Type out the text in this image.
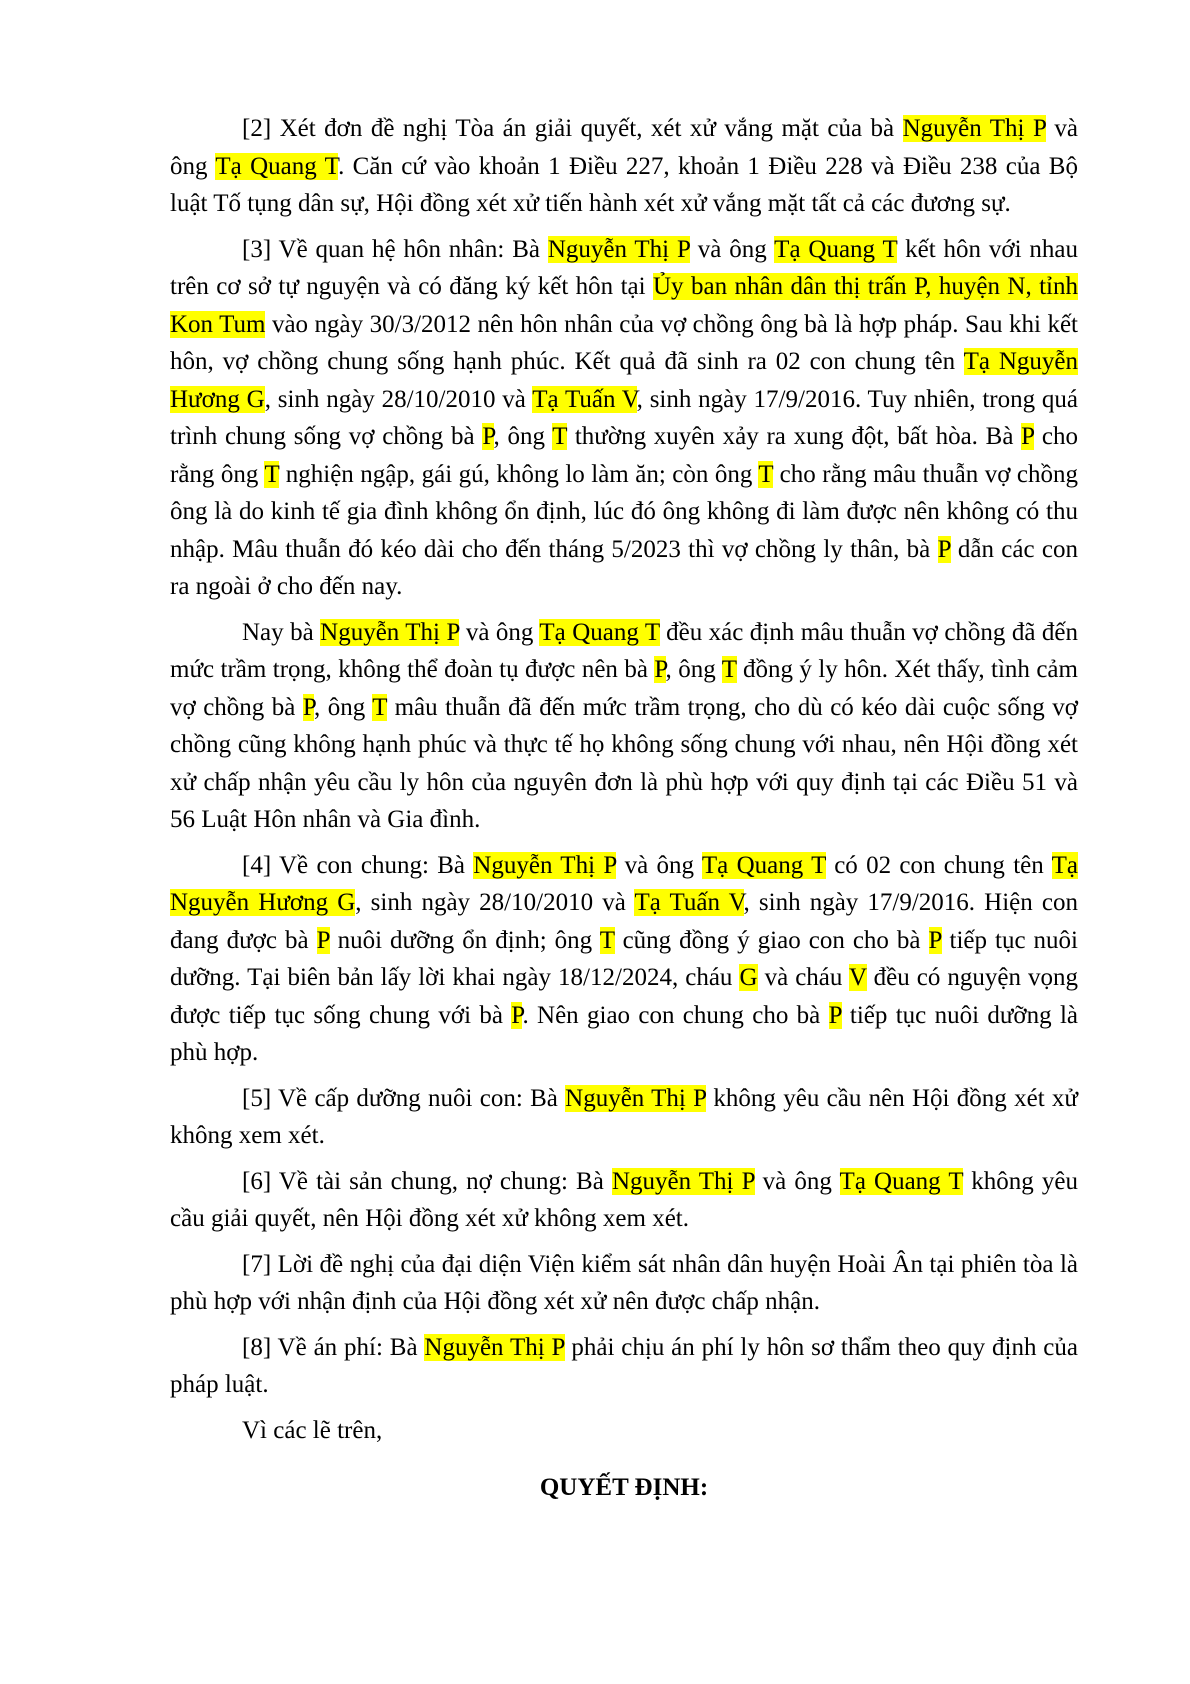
[2] Xét đơn đề nghị Tòa án giải quyết, xét xử vắng mặt của bà Nguyễn Thị P và ông Tạ Quang T. Căn cứ vào khoản 1 Điều 227, khoản 1 Điều 228 và Điều 238 của Bộ luật Tố tụng dân sự, Hội đồng xét xử tiến hành xét xử vắng mặt tất cả các đương sự.

[3] Về quan hệ hôn nhân: Bà Nguyễn Thị P và ông Tạ Quang T kết hôn với nhau trên cơ sở tự nguyện và có đăng ký kết hôn tại Ủy ban nhân dân thị trấn P, huyện N, tỉnh Kon Tum vào ngày 30/3/2012 nên hôn nhân của vợ chồng ông bà là hợp pháp. Sau khi kết hôn, vợ chồng chung sống hạnh phúc. Kết quả đã sinh ra 02 con chung tên Tạ Nguyễn Hương G, sinh ngày 28/10/2010 và Tạ Tuấn V, sinh ngày 17/9/2016. Tuy nhiên, trong quá trình chung sống vợ chồng bà P, ông T thường xuyên xảy ra xung đột, bất hòa. Bà P cho rằng ông T nghiện ngập, gái gú, không lo làm ăn; còn ông T cho rằng mâu thuẫn vợ chồng ông là do kinh tế gia đình không ổn định, lúc đó ông không đi làm được nên không có thu nhập. Mâu thuẫn đó kéo dài cho đến tháng 5/2023 thì vợ chồng ly thân, bà P dẫn các con ra ngoài ở cho đến nay.

Nay bà Nguyễn Thị P và ông Tạ Quang T đều xác định mâu thuẫn vợ chồng đã đến mức trầm trọng, không thể đoàn tụ được nên bà P, ông T đồng ý ly hôn. Xét thấy, tình cảm vợ chồng bà P, ông T mâu thuẫn đã đến mức trầm trọng, cho dù có kéo dài cuộc sống vợ chồng cũng không hạnh phúc và thực tế họ không sống chung với nhau, nên Hội đồng xét xử chấp nhận yêu cầu ly hôn của nguyên đơn là phù hợp với quy định tại các Điều 51 và 56 Luật Hôn nhân và Gia đình.

[4] Về con chung: Bà Nguyễn Thị P và ông Tạ Quang T có 02 con chung tên Tạ Nguyễn Hương G, sinh ngày 28/10/2010 và Tạ Tuấn V, sinh ngày 17/9/2016. Hiện con đang được bà P nuôi dưỡng ổn định; ông T cũng đồng ý giao con cho bà P tiếp tục nuôi dưỡng. Tại biên bản lấy lời khai ngày 18/12/2024, cháu G và cháu V đều có nguyện vọng được tiếp tục sống chung với bà P. Nên giao con chung cho bà P tiếp tục nuôi dưỡng là phù hợp.

[5] Về cấp dưỡng nuôi con: Bà Nguyễn Thị P không yêu cầu nên Hội đồng xét xử không xem xét.

[6] Về tài sản chung, nợ chung: Bà Nguyễn Thị P và ông Tạ Quang T không yêu cầu giải quyết, nên Hội đồng xét xử không xem xét.

[7] Lời đề nghị của đại diện Viện kiểm sát nhân dân huyện Hoài Ân tại phiên tòa là phù hợp với nhận định của Hội đồng xét xử nên được chấp nhận.

[8] Về án phí: Bà Nguyễn Thị P phải chịu án phí ly hôn sơ thẩm theo quy định của pháp luật.

Vì các lẽ trên,

QUYẾT ĐỊNH:
